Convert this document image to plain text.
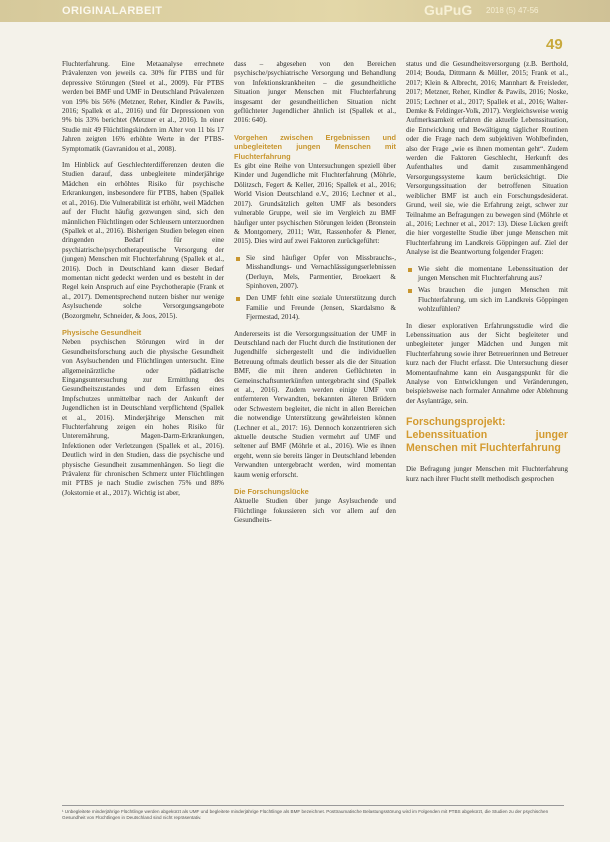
ORIGINALARBEIT	GuPuG 2018 (5) 47-56
49

Fluchterfahrung. Eine Metaanalyse errechnete Prävalenzen von jeweils ca. 30% für PTBS und für depressive Störungen (Steel et al., 2009). Für PTBS werden bei BMF und UMF in Deutschland Prävalenzen von 19% bis 56% (Metzner, Reher, Kindler & Pawils, 2016; Spallek et al., 2016) und für Depressionen von 9% bis 33% berichtet (Metzner et al., 2016). In einer Studie mit 49 Flüchtlingskindern im Alter von 11 bis 17 Jahren zeigten 16% erhöhte Werte in der PTBS-Symptomatik (Gavranidou et al., 2008).

Im Hinblick auf Geschlechterdifferenzen deuten die Studien darauf, dass unbegleitete minderjährige Mädchen ein erhöhtes Risiko für psychische Erkrankungen, insbesondere für PTBS, haben (Spallek et al., 2016). Die Vulnerabilität ist erhöht, weil Mädchen auf der Flucht häufig gezwungen sind, sich den männlichen Flüchtlingen oder Schleusern unterzuordnen (Spallek et al., 2016). Bisherigen Studien belegen einen dringenden Bedarf für eine psychiatrische/psychotherapeutische Versorgung der (jungen) Menschen mit Fluchterfahrung (Spallek et al., 2016). Doch in Deutschland kann dieser Bedarf momentan nicht gedeckt werden und es besteht in der Regel kein Anspruch auf eine Psychotherapie (Frank et al., 2017). Dementsprechend nutzen bisher nur wenige Asylsuchende solche Versorgungsangebote (Bozorgmehr, Schneider, & Joos, 2015).

Physische Gesundheit

Neben psychischen Störungen wird in der Gesundheitsforschung auch die physische Gesundheit von Asylsuchenden und Flüchtlingen untersucht. Eine allgemeinärztliche oder pädiatrische Eingangsuntersuchung zur Ermittlung des Gesundheitszustandes und dem Erfassen eines Impfschutzes unmittelbar nach der Ankunft der Jugendlichen ist in Deutschland verpflichtend (Spallek et al., 2016). Minderjährige Menschen mit Fluchterfahrung zeigen ein hohes Risiko für Unterernährung, Magen-Darm-Erkrankungen, Infektionen oder Verletzungen (Spallek et al., 2016). Deutlich wird in den Studien, dass die psychische und physische Gesundheit zusammenhängen. So liegt die Prävalenz für chronischen Schmerz unter Flüchtlingen mit PTBS je nach Studie zwischen 75% und 88% (Jokstornie et al., 2017). Wichtig ist aber,

dass – abgesehen von den Bereichen psychische/psychiatrische Versorgung und Behandlung von Infektionskrankheiten – die gesundheitliche Situation junger Menschen mit Fluchterfahrung insgesamt der gesundheitlichen Situation nicht geflüchteter Jugendlicher ähnlich ist (Spallek et al., 2016: 640).

Vorgehen zwischen Ergebnissen und unbegleiteten jungen Menschen mit Fluchterfahrung

Es gibt eine Reihe von Untersuchungen speziell über Kinder und Jugendliche mit Fluchterfahrung (Möhrle, Dölitzsch, Fegert & Keller, 2016; Spallek et al., 2016; World Vision Deutschland e.V., 2016; Lechner et al., 2017). Grundsätzlich gelten UMF als besonders vulnerable Gruppe, weil sie im Vergleich zu BMF häufiger unter psychischen Störungen leiden (Bronstein & Montgomery, 2011; Witt, Rassenhofer & Plener, 2015). Dies wird auf zwei Faktoren zurückgeführt:

Sie sind häufiger Opfer von Missbrauchs-, Misshandlungs- und Vernachlässigungserlebnissen (Derluyn, Mels, Parmentier, Broekaert & Spinhoven, 2007).
Den UMF fehlt eine soziale Unterstützung durch Familie und Freunde (Jensen, Skardalsmo & Fjermestad, 2014).

Andererseits ist die Versorgungssituation der UMF in Deutschland nach der Flucht durch die Institutionen der Jugendhilfe sichergestellt und die individuellen Betreuung oftmals deutlich besser als die der Situation BMF, die mit ihren anderen Geflüchteten in Gemeinschaftsunterkünften untergebracht sind (Spallek et al., 2016). Zudem werden einige UMF von entfernteren Verwandten, bekannten älteren Brüdern oder Schwestern begleitet, die nicht in allen Bereichen die notwendige Unterstützung gewährleisten können (Lechner et al., 2017: 16). Dennoch konzentrieren sich aktuelle deutsche Studien vermehrt auf UMF und seltener auf BMF (Möhrle et al., 2016). Wie es ihnen ergeht, wenn sie bereits länger in Deutschland lebenden Verwandten untergebracht werden, wird momentan kaum wenig erforscht.

Die Forschungslücke

Aktuelle Studien über junge Asylsuchende und Flüchtlinge fokussieren sich vor allem auf den Gesundheits-

status und die Gesundheitsversorgung (z.B. Berthold, 2014; Bouda, Dittmann & Müller, 2015; Frank et al., 2017; Klein & Albrecht, 2016; Mannhart & Freisleder, 2017; Metzner, Reher, Kindler & Pawils, 2016; Noske, 2015; Lechner et al., 2017; Spallek et al., 2016; Walter-Demke & Feldinger-Volk, 2017). Vergleichsweise wenig Aufmerksamkeit erfahren die aktuelle Lebenssituation, die Entwicklung und Bewältigung täglicher Routinen oder die Frage nach dem subjektiven Wohlbefinden, also der Frage „wie es ihnen momentan geht“. Zudem werden die Faktoren Geschlecht, Herkunft des Aufenthaltes und damit zusammenhängend Versorgungssysteme kaum berücksichtigt. Die Versorgungssituation der betroffenen Situation weiblicher BMF ist auch ein Forschungsdesiderat. Grund, weil sie, wie die Erfahrung zeigt, schwer zur Teilnahme an Befragungen zu bewegen sind (Möhrle et al., 2016; Lechner et al., 2017: 13). Diese Lücken greift die hier vorgestellte Studie über junge Menschen mit Fluchterfahrung im Landkreis Göppingen auf. Ziel der Analyse ist die Beantwortung folgender Fragen:

Wie sieht die momentane Lebenssituation der jungen Menschen mit Fluchterfahrung aus?
Was brauchen die jungen Menschen mit Fluchterfahrung, um sich im Landkreis Göppingen wohlzufühlen?

In dieser explorativen Erfahrungsstudie wird die Lebenssituation aus der Sicht begleiteter und unbegleiteter junger Mädchen und Jungen mit Fluchterfahrung sowie ihrer Betreuerinnen und Betreuer kurz nach der Flucht erfasst. Die Untersuchung dieser Momentaufnahme kann ein Ausgangspunkt für die Analyse von Entwicklungen und Veränderungen, beispielsweise nach formaler Annahme oder Ablehnung der Asylanträge, sein.

Forschungsprojekt: Lebenssituation junger Menschen mit Fluchterfahrung

Die Befragung junger Menschen mit Fluchterfahrung kurz nach ihrer Flucht stellt methodisch gesprochen

¹ Unbegleitete minderjährige Flüchtlinge werden abgekürzt als UMF und begleitete minderjährige Flüchtlinge als BMF bezeichnet. Posttraumatische Belastungsstörung wird im Folgenden mit PTBS abgekürzt, die Studien zu der psychischen Gesundheit von Flüchtlingen in Deutschland sind nicht repräsentativ.
